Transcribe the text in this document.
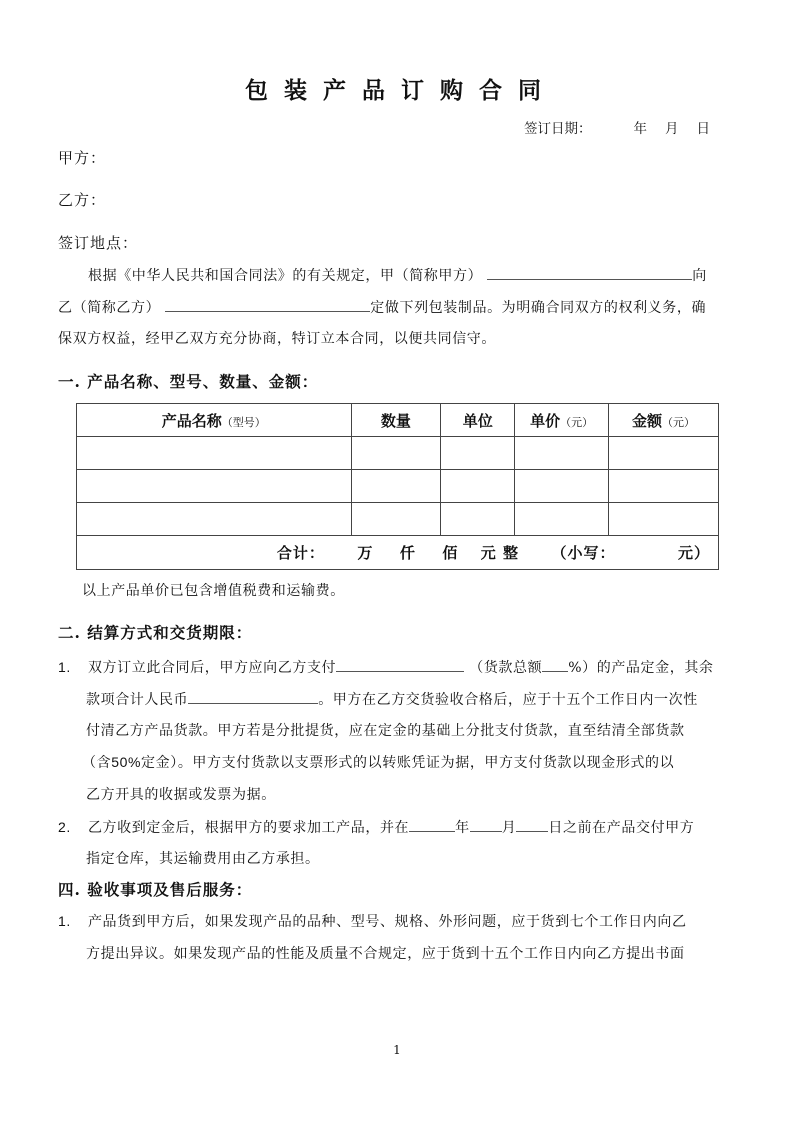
包装产品订购合同
签订日期：	年 月 日
甲方：
乙方：
签订地点：
根据《中华人民共和国合同法》的有关规定，甲（简称甲方）	向
乙（简称乙方）	定做下列包装制品。为明确合同双方的权利义务，确
保双方权益，经甲乙双方充分协商，特订立本合同，以便共同信守。
一. 产品名称、型号、数量、金额：
产品名称（型号）	数量	单位	单价（元）	金额（元）

合计： 万 仟 佰 元 整 （小写： 元）				
以上产品单价已包含增值税费和运输费。
二. 结算方式和交货期限：
1. 双方订立此合同后，甲方应向乙方支付	（货款总额 %）的产品定金，其余
款项合计人民币	。甲方在乙方交货验收合格后，应于十五个工作日内一次性
付清乙方产品货款。甲方若是分批提货，应在定金的基础上分批支付货款，直至结清全部货款
（含50%定金）。甲方支付货款以支票形式的以转账凭证为据，甲方支付货款以现金形式的以
乙方开具的收据或发票为据。
2. 乙方收到定金后，根据甲方的要求加工产品，并在	年 月 日之前在产品交付甲方
指定仓库，其运输费用由乙方承担。
四. 验收事项及售后服务：
1. 产品货到甲方后，如果发现产品的品种、型号、规格、外形问题，应于货到七个工作日内向乙
方提出异议。如果发现产品的性能及质量不合规定，应于货到十五个工作日内向乙方提出书面
1
